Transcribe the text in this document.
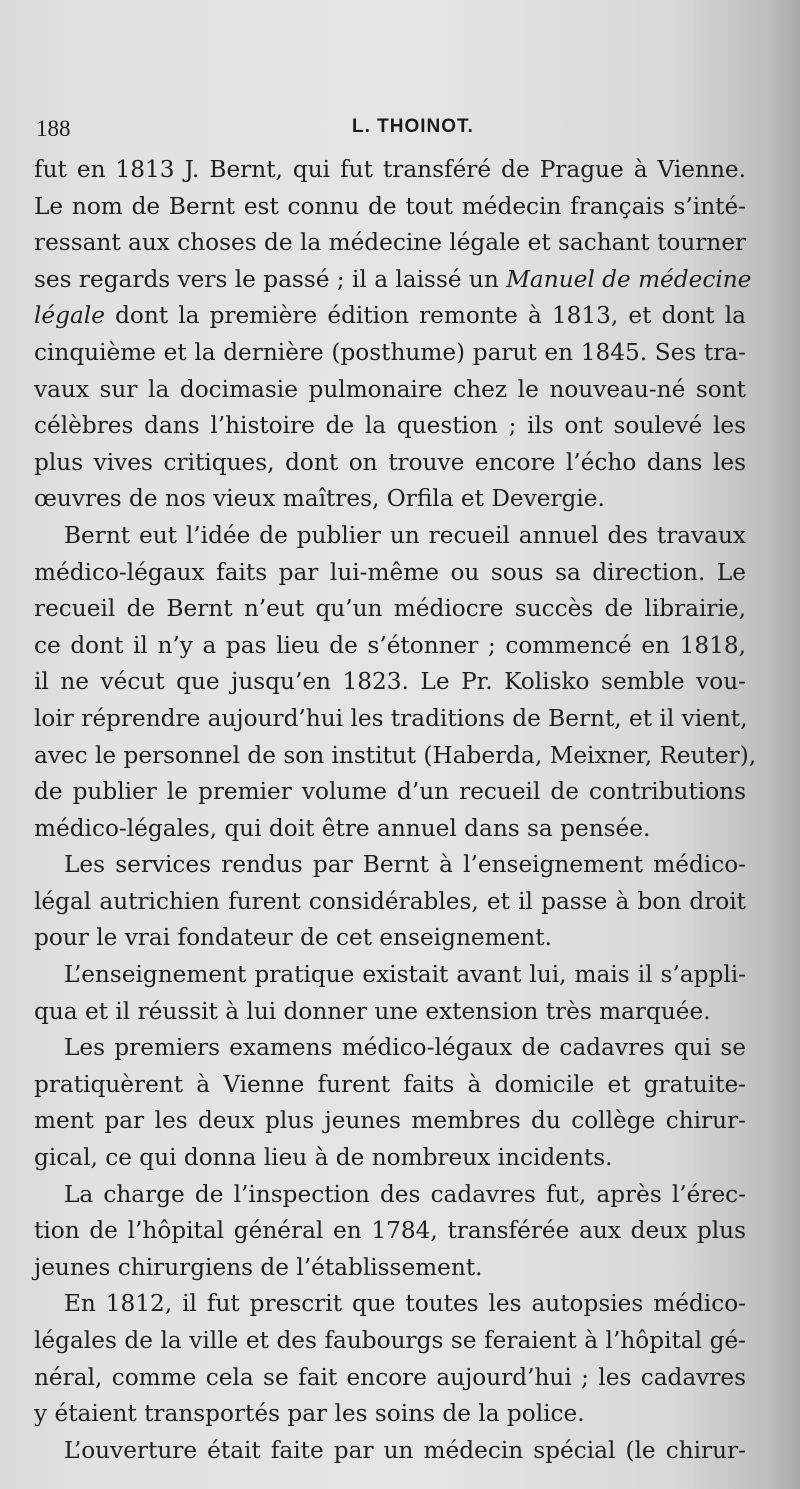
188	L. THOINOT.
fut en 1813 J. Bernt, qui fut transféré de Prague à Vienne.
Le nom de Bernt est connu de tout médecin français s’inté-
ressant aux choses de la médecine légale et sachant tourner
ses regards vers le passé ; il a laissé un Manuel de médecine
légale dont la première édition remonte à 1813, et dont la
cinquième et la dernière (posthume) parut en 1845. Ses tra-
vaux sur la docimasie pulmonaire chez le nouveau-né sont
célèbres dans l’histoire de la question ; ils ont soulevé les
plus vives critiques, dont on trouve encore l’écho dans les
œuvres de nos vieux maîtres, Orfila et Devergie.
Bernt eut l’idée de publier un recueil annuel des travaux
médico-légaux faits par lui-même ou sous sa direction. Le
recueil de Bernt n’eut qu’un médiocre succès de librairie,
ce dont il n’y a pas lieu de s’étonner ; commencé en 1818,
il ne vécut que jusqu’en 1823. Le Pr. Kolisko semble vou-
loir réprendre aujourd’hui les traditions de Bernt, et il vient,
avec le personnel de son institut (Haberda, Meixner, Reuter),
de publier le premier volume d’un recueil de contributions
médico-légales, qui doit être annuel dans sa pensée.
Les services rendus par Bernt à l’enseignement médico-
légal autrichien furent considérables, et il passe à bon droit
pour le vrai fondateur de cet enseignement.
L’enseignement pratique existait avant lui, mais il s’appli-
qua et il réussit à lui donner une extension très marquée.
Les premiers examens médico-légaux de cadavres qui se
pratiquèrent à Vienne furent faits à domicile et gratuite-
ment par les deux plus jeunes membres du collège chirur-
gical, ce qui donna lieu à de nombreux incidents.
La charge de l’inspection des cadavres fut, après l’érec-
tion de l’hôpital général en 1784, transférée aux deux plus
jeunes chirurgiens de l’établissement.
En 1812, il fut prescrit que toutes les autopsies médico-
légales de la ville et des faubourgs se feraient à l’hôpital gé-
néral, comme cela se fait encore aujourd’hui ; les cadavres
y étaient transportés par les soins de la police.
L’ouverture était faite par un médecin spécial (le chirur-
